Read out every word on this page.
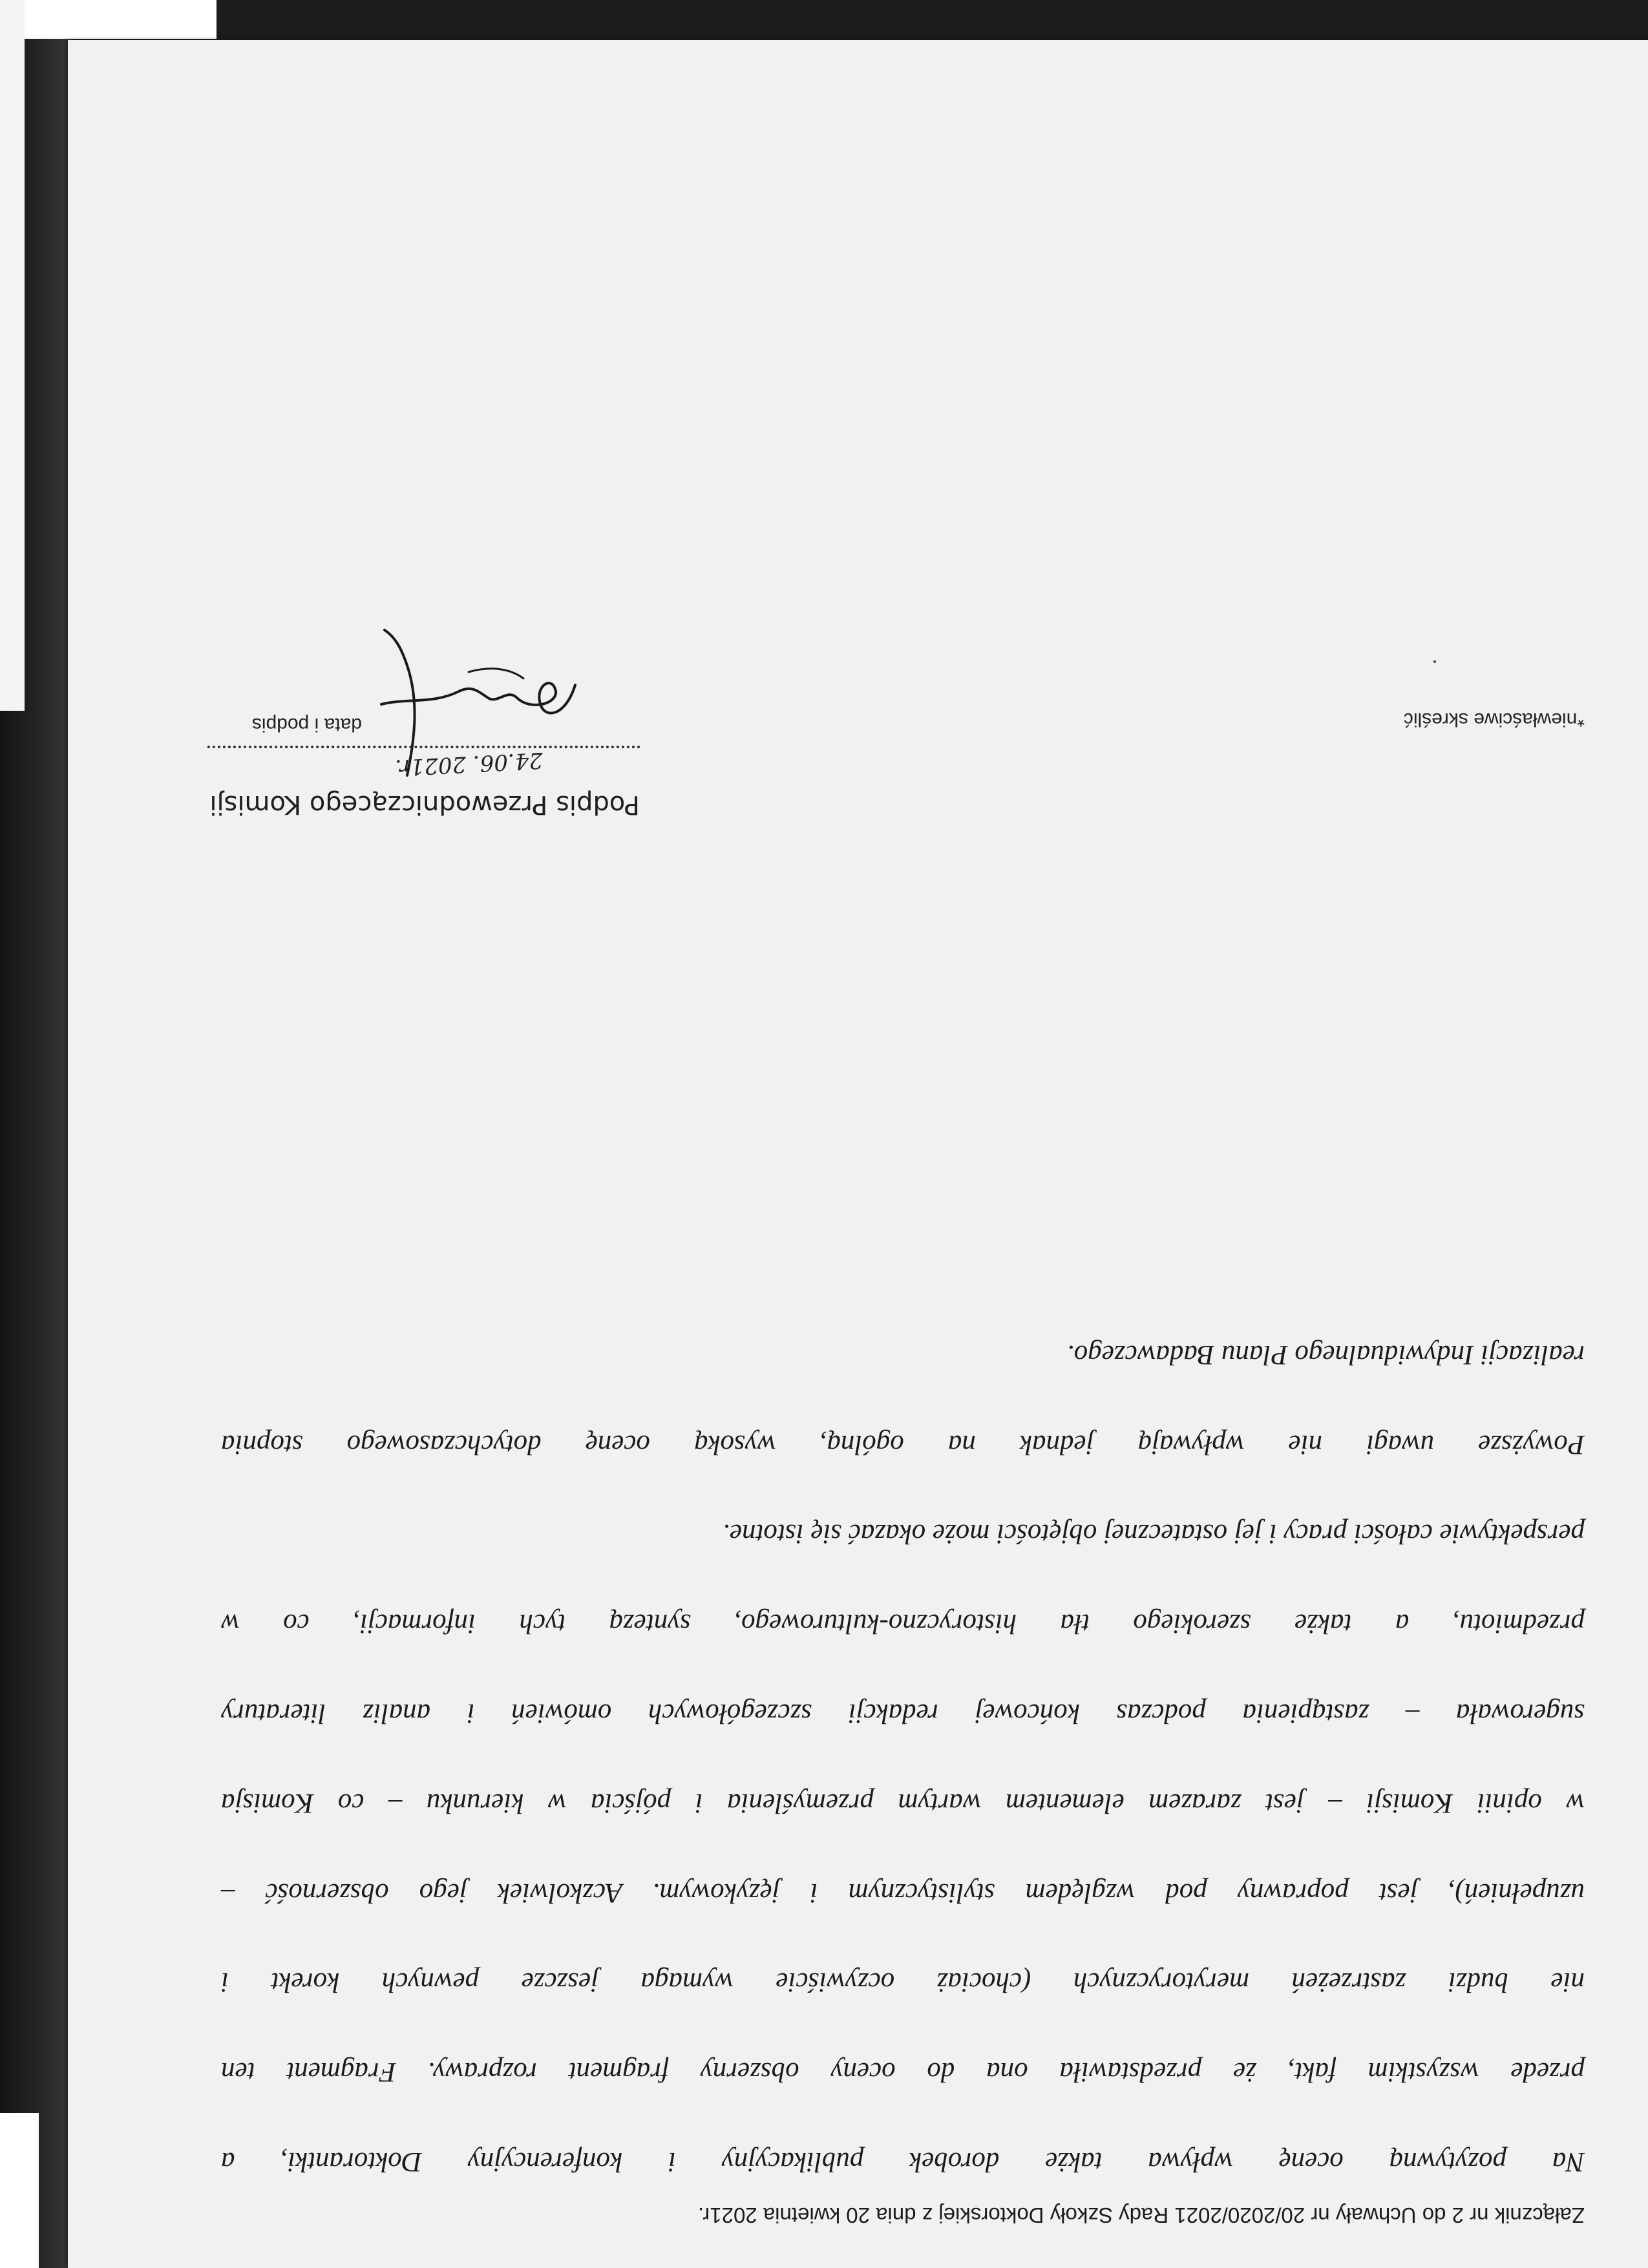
Załącznik nr 2 do Uchwały nr 20/2020/2021 Rady Szkoły Doktorskiej z dnia 20 kwietnia 2021r.
Na pozytywną ocenę wpływa także dorobek publikacyjny i konferencyjny Doktorantki, a
przede wszystkim fakt, że przedstawiła ona do oceny obszerny fragment rozprawy. Fragment ten
nie budzi zastrzeżeń merytorycznych (chociaż oczywiście wymaga jeszcze pewnych korekt i
uzupełnień), jest poprawny pod względem stylistycznym i językowym. Aczkolwiek jego obszerność –
w opinii Komisji – jest zarazem elementem wartym przemyślenia i pójścia w kierunku – co Komisja
sugerowała – zastąpienia podczas końcowej redakcji szczegółowych omówień i analiz literatury
przedmiotu, a także szerokiego tła historyczno-kulturowego, syntezą tych informacji, co w
perspektywie całości pracy i jej ostatecznej objętości może okazać się istotne.
Powyższe uwagi nie wpływają jednak na ogólną, wysoką ocenę dotychczasowego stopnia
realizacji Indywidualnego Planu Badawczego.
Podpis Przewodniczącego Komisji
24.06. 2021r.
data i podpis	*niewłaściwe skreślić
